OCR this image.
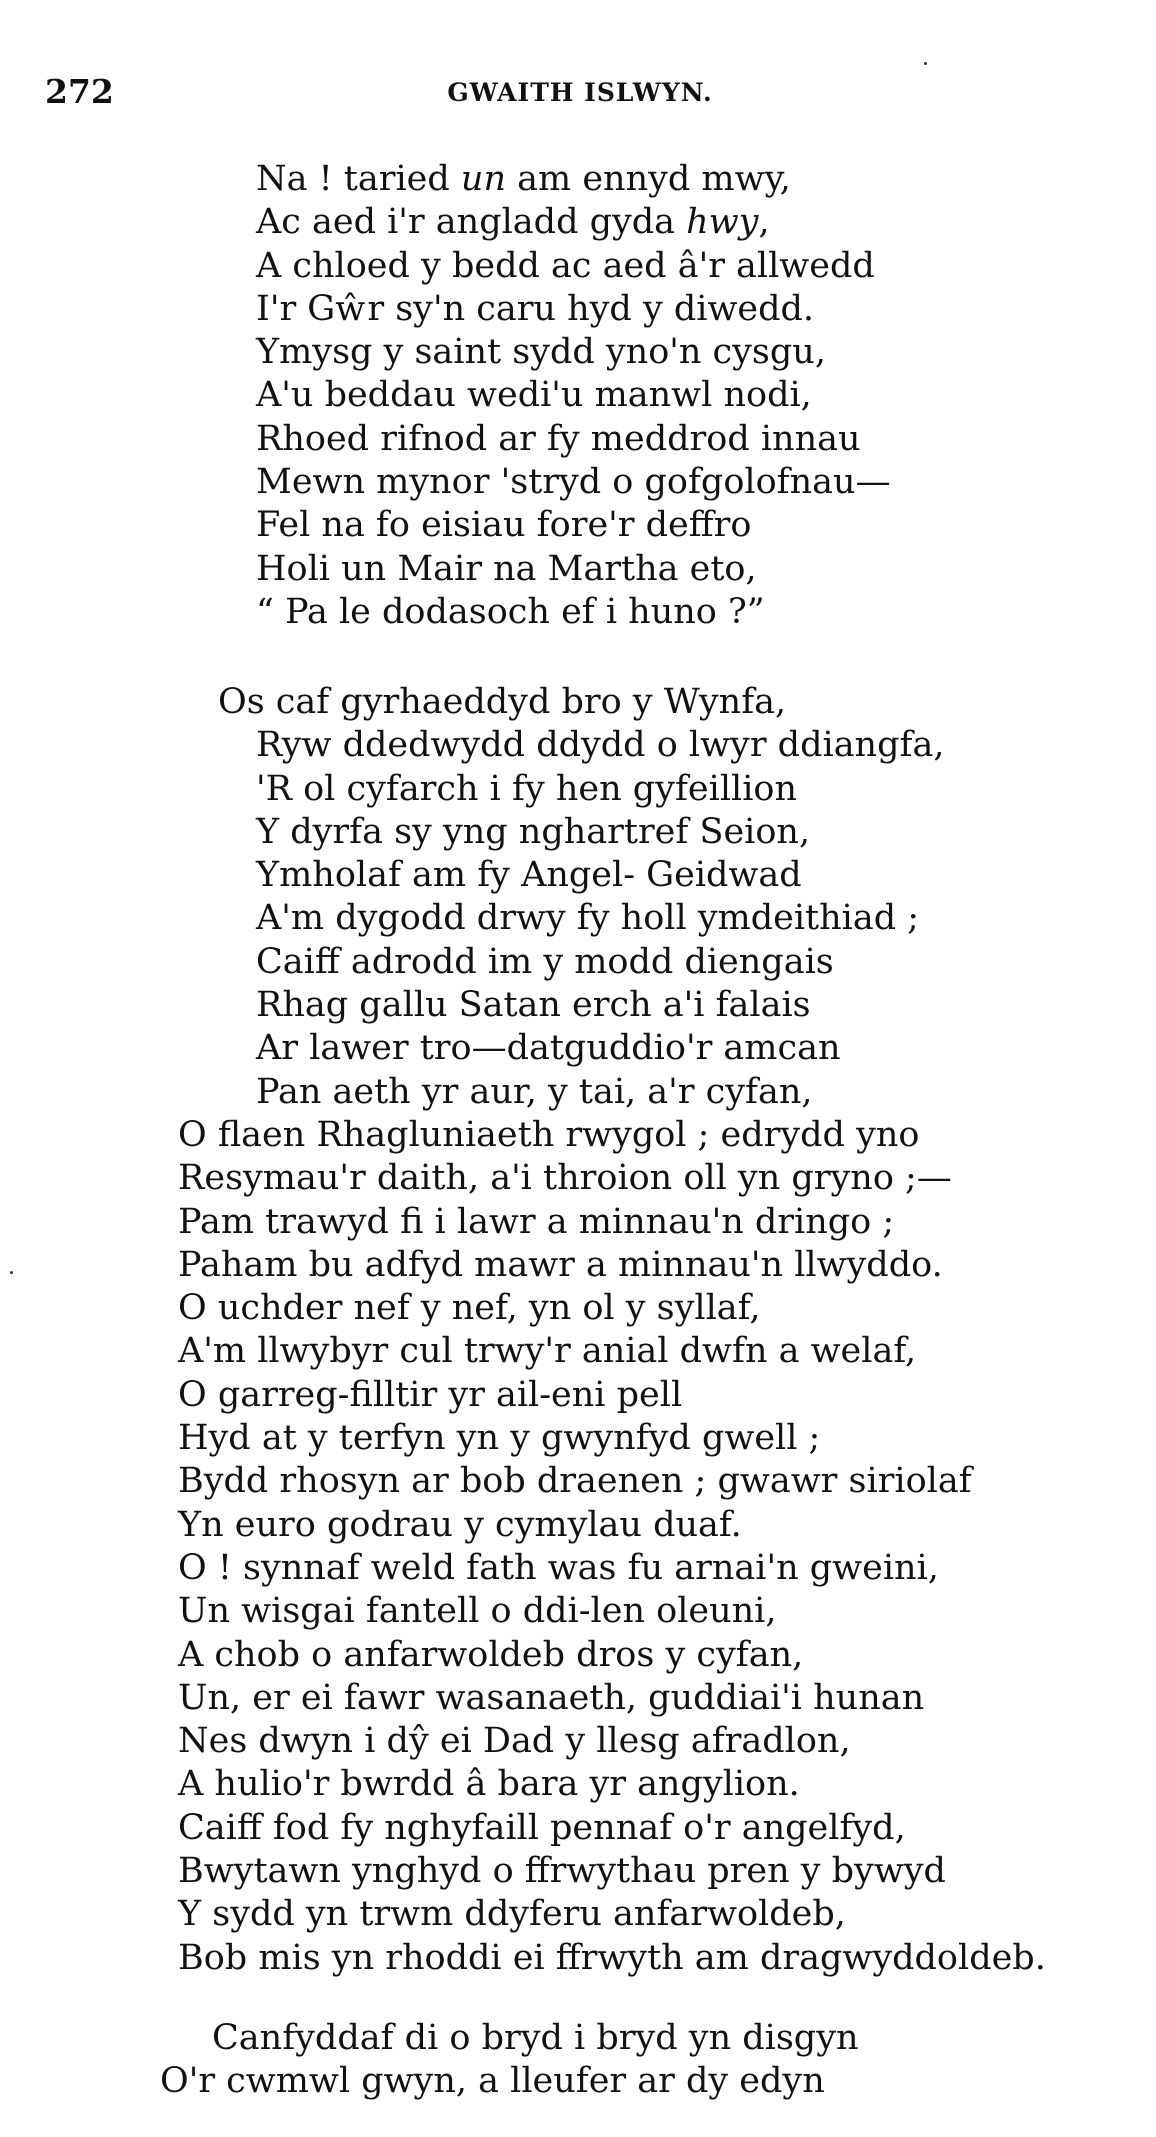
272	GWAITH ISLWYN.
Na ! taried un am ennyd mwy,
Ac aed i'r angladd gyda hwy,
A chloed y bedd ac aed â'r allwedd
I'r Gŵr sy'n caru hyd y diwedd.
Ymysg y saint sydd yno'n cysgu,
A'u beddau wedi'u manwl nodi,
Rhoed rifnod ar fy meddrod innau
Mewn mynor 'stryd o gofgolofnau—
Fel na fo eisiau fore'r deffro
Holi un Mair na Martha eto,
“ Pa le dodasoch ef i huno ?”
Os caf gyrhaeddyd bro y Wynfa,
Ryw ddedwydd ddydd o lwyr ddiangfa,
'R ol cyfarch i fy hen gyfeillion
Y dyrfa sy yng nghartref Seion,
Ymholaf am fy Angel- Geidwad
A'm dygodd drwy fy holl ymdeithiad ;
Caiff adrodd im y modd diengais
Rhag gallu Satan erch a'i falais
Ar lawer tro—datguddio'r amcan
Pan aeth yr aur, y tai, a'r cyfan,
O flaen Rhagluniaeth rwygol ; edrydd yno
Resymau'r daith, a'i throion oll yn gryno ;—
Pam trawyd fi i lawr a minnau'n dringo ;
Paham bu adfyd mawr a minnau'n llwyddo.
O uchder nef y nef, yn ol y syllaf,
A'm llwybyr cul trwy'r anial dwfn a welaf,
O garreg-filltir yr ail-eni pell
Hyd at y terfyn yn y gwynfyd gwell ;
Bydd rhosyn ar bob draenen ; gwawr siriolaf
Yn euro godrau y cymylau duaf.
O ! synnaf weld fath was fu arnai'n gweini,
Un wisgai fantell o ddi-len oleuni,
A chob o anfarwoldeb dros y cyfan,
Un, er ei fawr wasanaeth, guddiai'i hunan
Nes dwyn i dŷ ei Dad y llesg afradlon,
A hulio'r bwrdd â bara yr angylion.
Caiff fod fy nghyfaill pennaf o'r angelfyd,
Bwytawn ynghyd o ffrwythau pren y bywyd
Y sydd yn trwm ddyferu anfarwoldeb,
Bob mis yn rhoddi ei ffrwyth am dragwyddoldeb.
Canfyddaf di o bryd i bryd yn disgyn
O'r cwmwl gwyn, a lleufer ar dy edyn
